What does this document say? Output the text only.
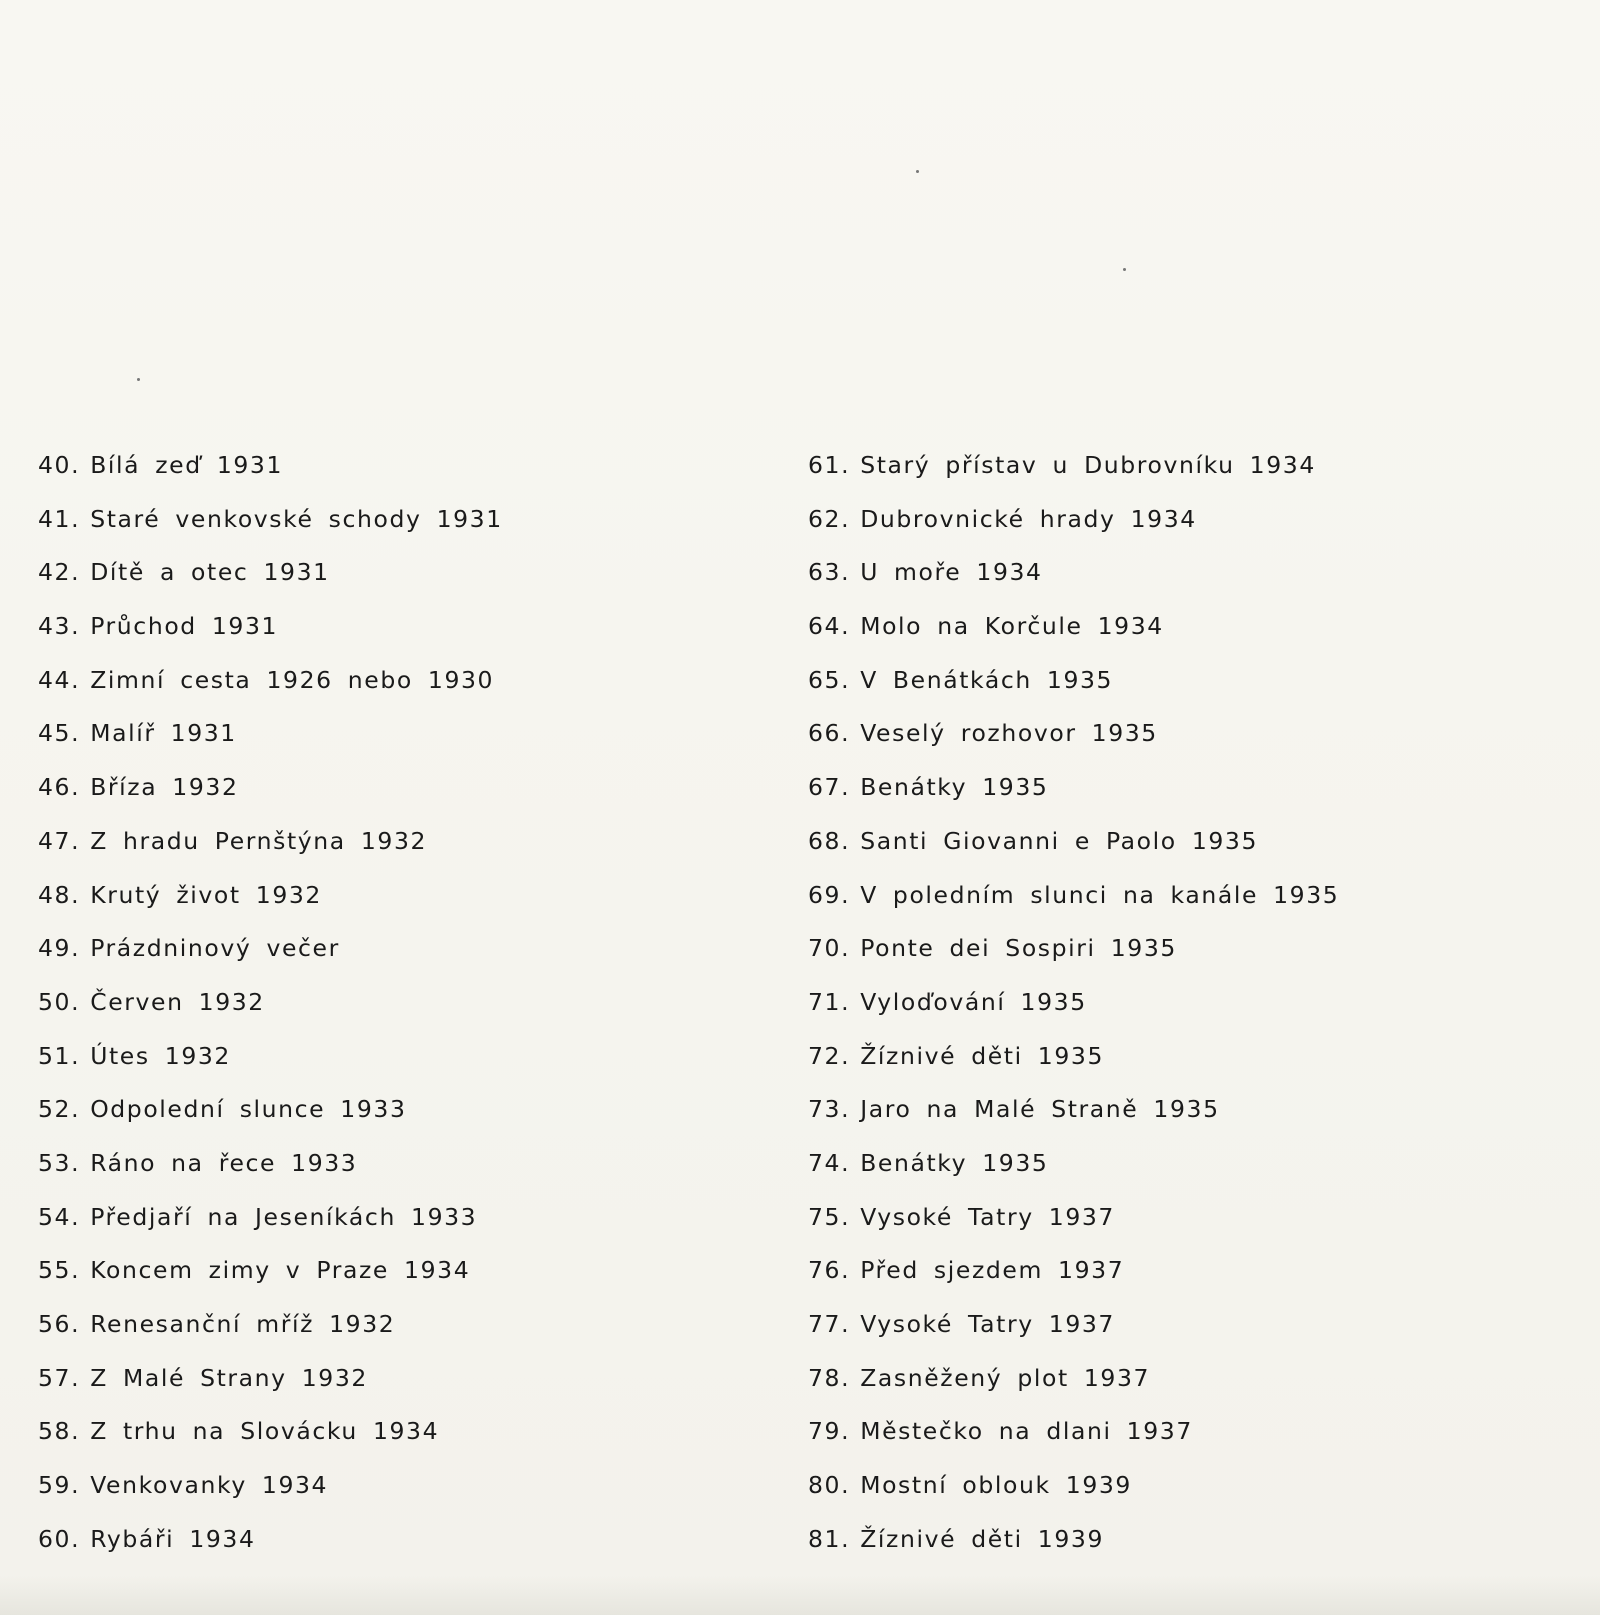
40. Bílá zeď 1931
41. Staré venkovské schody 1931
42. Dítě a otec 1931
43. Průchod 1931
44. Zimní cesta 1926 nebo 1930
45. Malíř 1931
46. Bříza 1932
47. Z hradu Pernštýna 1932
48. Krutý život 1932
49. Prázdninový večer
50. Červen 1932
51. Útes 1932
52. Odpolední slunce 1933
53. Ráno na řece 1933
54. Předjaří na Jeseníkách 1933
55. Koncem zimy v Praze 1934
56. Renesanční mříž 1932
57. Z Malé Strany 1932
58. Z trhu na Slovácku 1934
59. Venkovanky 1934
60. Rybáři 1934
61. Starý přístav u Dubrovníku 1934
62. Dubrovnické hrady 1934
63. U moře 1934
64. Molo na Korčule 1934
65. V Benátkách 1935
66. Veselý rozhovor 1935
67. Benátky 1935
68. Santi Giovanni e Paolo 1935
69. V poledním slunci na kanále 1935
70. Ponte dei Sospiri 1935
71. Vyloďování 1935
72. Žíznivé děti 1935
73. Jaro na Malé Straně 1935
74. Benátky 1935
75. Vysoké Tatry 1937
76. Před sjezdem 1937
77. Vysoké Tatry 1937
78. Zasněžený plot 1937
79. Městečko na dlani 1937
80. Mostní oblouk 1939
81. Žíznivé děti 1939
